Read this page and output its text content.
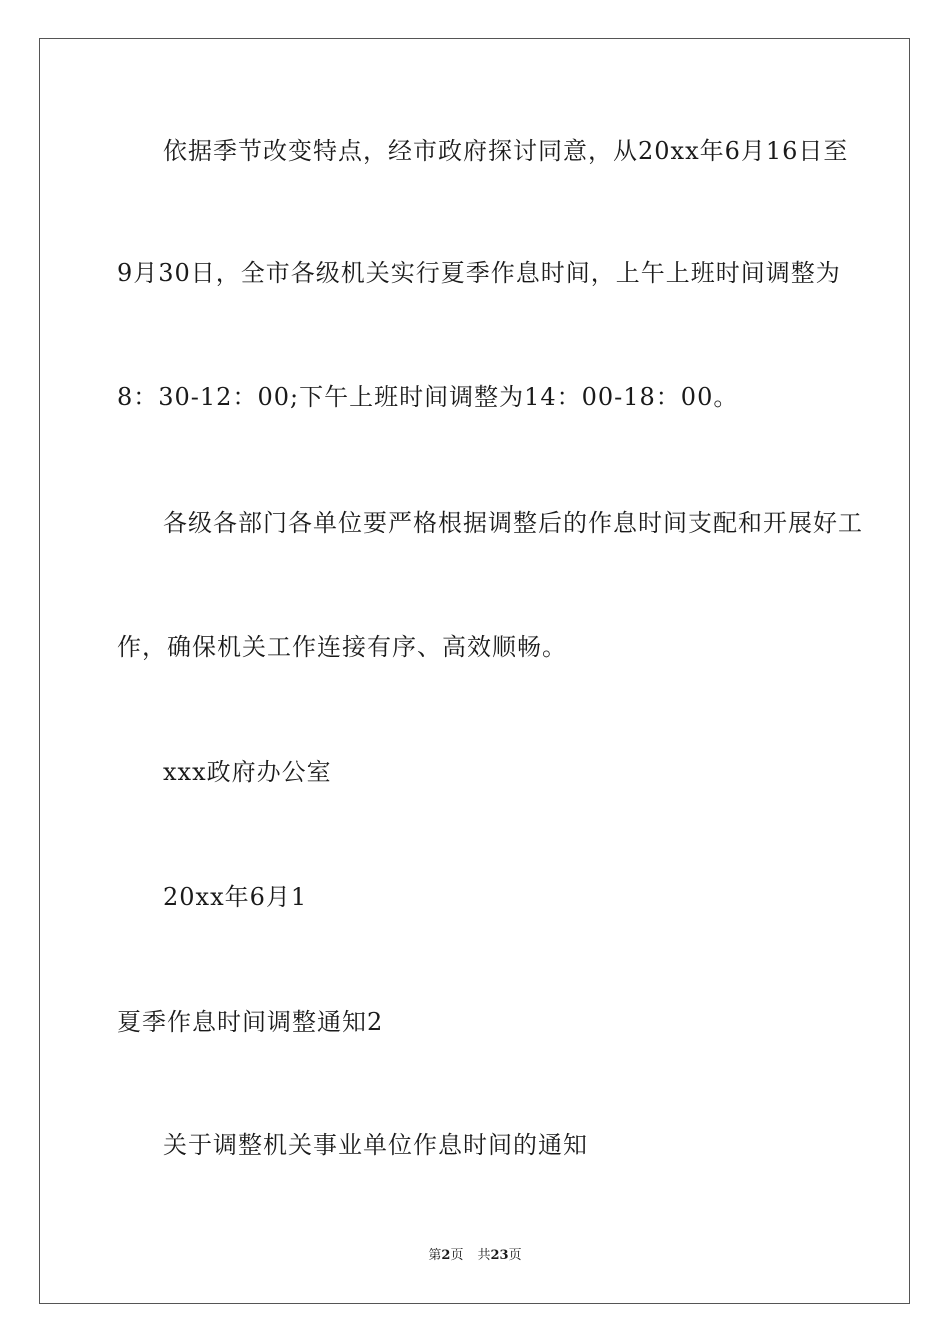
依据季节改变特点，经市政府探讨同意，从20xx年6月16日至
9月30日，全市各级机关实行夏季作息时间，上午上班时间调整为
8：30-12：00;下午上班时间调整为14：00-18：00。
各级各部门各单位要严格根据调整后的作息时间支配和开展好工
作，确保机关工作连接有序、高效顺畅。
xxx政府办公室
20xx年6月1
夏季作息时间调整通知2
关于调整机关事业单位作息时间的通知
第2页 共23页
